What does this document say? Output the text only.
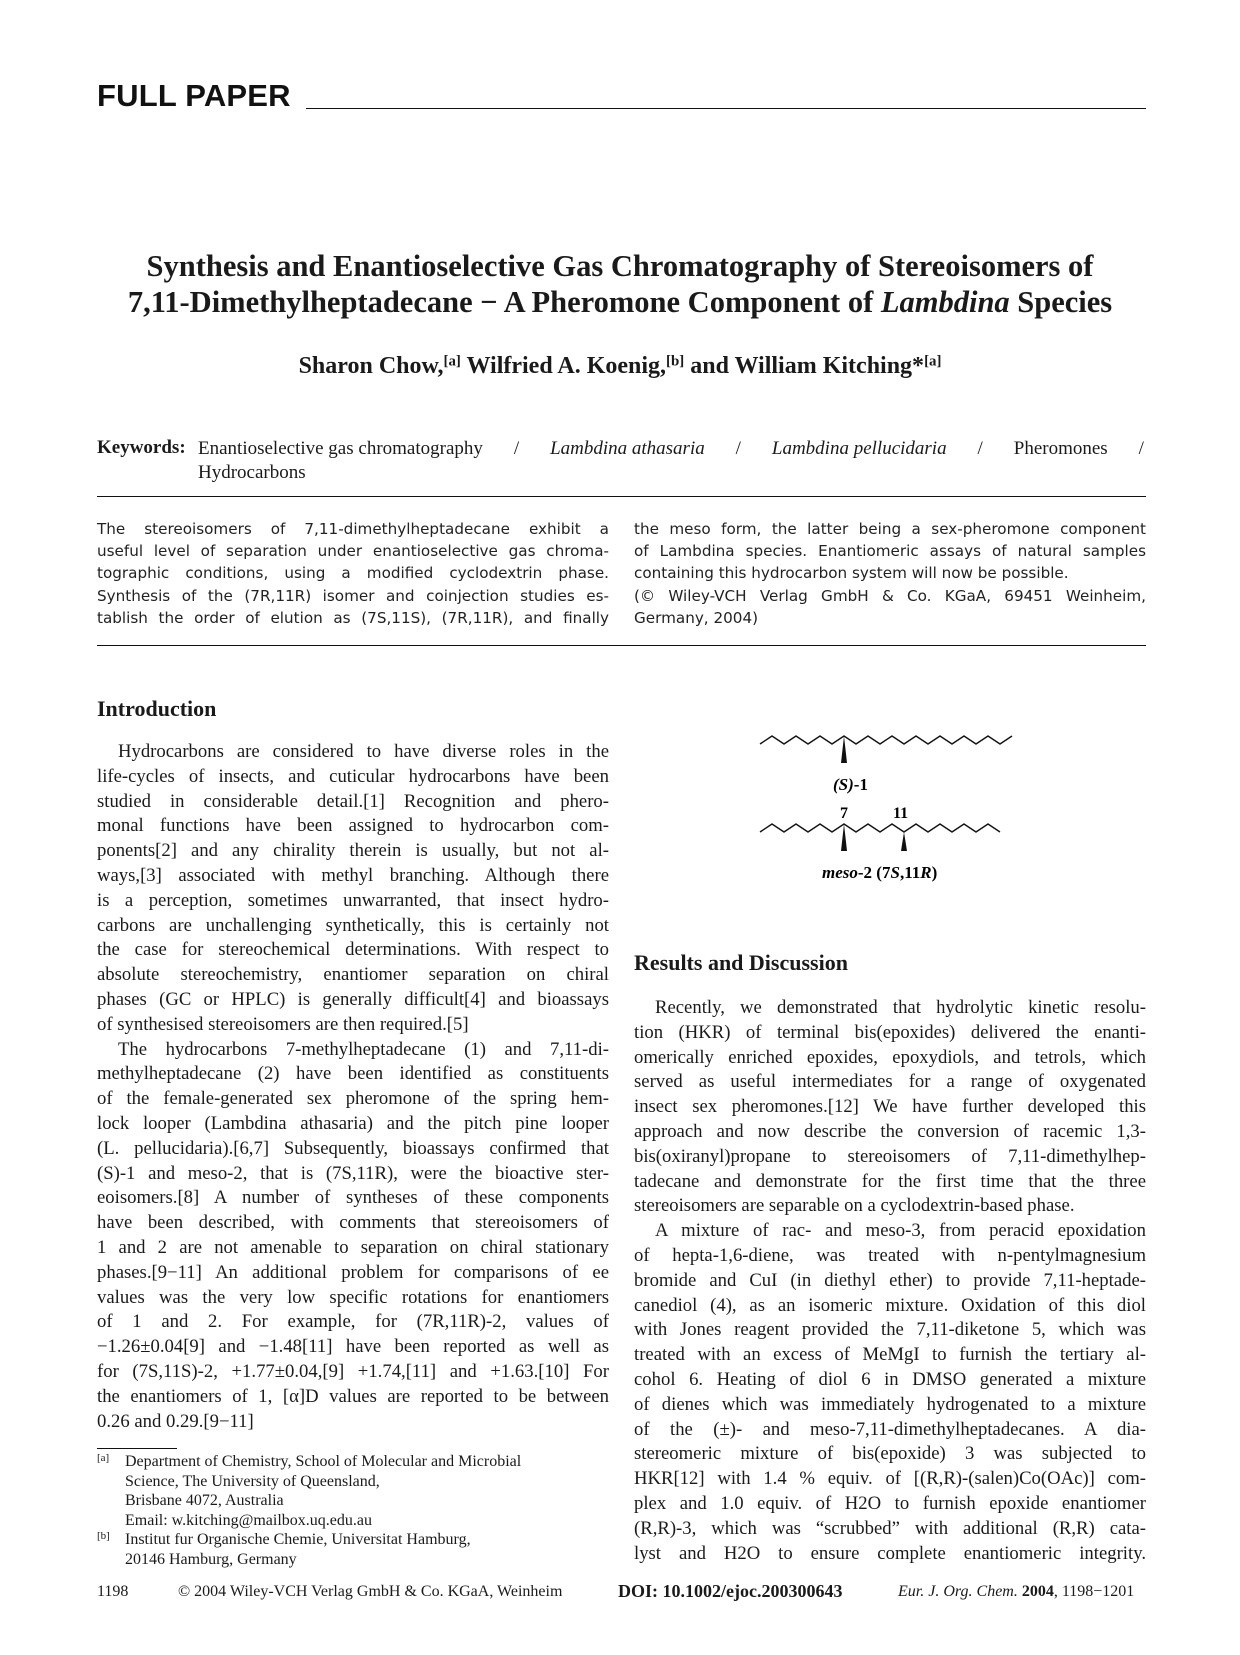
FULL PAPER
Synthesis and Enantioselective Gas Chromatography of Stereoisomers of
7,11-Dimethylheptadecane − A Pheromone Component of Lambdina Species
Sharon Chow,[a] Wilfried A. Koenig,[b] and William Kitching*[a]
Keywords: Enantioselective gas chromatography / Lambdina athasaria / Lambdina pellucidaria / Pheromones /
Hydrocarbons
The stereoisomers of 7,11-dimethylheptadecane exhibit a
useful level of separation under enantioselective gas chroma-
tographic conditions, using a modified cyclodextrin phase.
Synthesis of the (7R,11R) isomer and coinjection studies es-
tablish the order of elution as (7S,11S), (7R,11R), and finally
the meso form, the latter being a sex-pheromone component
of Lambdina species. Enantiomeric assays of natural samples
containing this hydrocarbon system will now be possible.
(© Wiley-VCH Verlag GmbH & Co. KGaA, 69451 Weinheim,
Germany, 2004)
Introduction
Hydrocarbons are considered to have diverse roles in the
life-cycles of insects, and cuticular hydrocarbons have been
studied in considerable detail.[1] Recognition and phero-
monal functions have been assigned to hydrocarbon com-
ponents[2] and any chirality therein is usually, but not al-
ways,[3] associated with methyl branching. Although there
is a perception, sometimes unwarranted, that insect hydro-
carbons are unchallenging synthetically, this is certainly not
the case for stereochemical determinations. With respect to
absolute stereochemistry, enantiomer separation on chiral
phases (GC or HPLC) is generally difficult[4] and bioassays
of synthesised stereoisomers are then required.[5]
The hydrocarbons 7-methylheptadecane (1) and 7,11-di-
methylheptadecane (2) have been identified as constituents
of the female-generated sex pheromone of the spring hem-
lock looper (Lambdina athasaria) and the pitch pine looper
(L. pellucidaria).[6,7] Subsequently, bioassays confirmed that
(S)-1 and meso-2, that is (7S,11R), were the bioactive ster-
eoisomers.[8] A number of syntheses of these components
have been described, with comments that stereoisomers of
1 and 2 are not amenable to separation on chiral stationary
phases.[9−11] An additional problem for comparisons of ee
values was the very low specific rotations for enantiomers
of 1 and 2. For example, for (7R,11R)-2, values of
−1.26±0.04[9] and −1.48[11] have been reported as well as
for (7S,11S)-2, +1.77±0.04,[9] +1.74,[11] and +1.63.[10] For
the enantiomers of 1, [α]D values are reported to be between
0.26 and 0.29.[9−11]
(S)-1
7	11
meso-2 (7S,11R)
Results and Discussion
Recently, we demonstrated that hydrolytic kinetic resolu-
tion (HKR) of terminal bis(epoxides) delivered the enanti-
omerically enriched epoxides, epoxydiols, and tetrols, which
served as useful intermediates for a range of oxygenated
insect sex pheromones.[12] We have further developed this
approach and now describe the conversion of racemic 1,3-
bis(oxiranyl)propane to stereoisomers of 7,11-dimethylhep-
tadecane and demonstrate for the first time that the three
stereoisomers are separable on a cyclodextrin-based phase.
A mixture of rac- and meso-3, from peracid epoxidation
of hepta-1,6-diene, was treated with n-pentylmagnesium
bromide and CuI (in diethyl ether) to provide 7,11-heptade-
canediol (4), as an isomeric mixture. Oxidation of this diol
with Jones reagent provided the 7,11-diketone 5, which was
treated with an excess of MeMgI to furnish the tertiary al-
cohol 6. Heating of diol 6 in DMSO generated a mixture
of dienes which was immediately hydrogenated to a mixture
of the (±)- and meso-7,11-dimethylheptadecanes. A dia-
stereomeric mixture of bis(epoxide) 3 was subjected to
HKR[12] with 1.4 % equiv. of [(R,R)-(salen)Co(OAc)] com-
plex and 1.0 equiv. of H2O to furnish epoxide enantiomer
(R,R)-3, which was “scrubbed” with additional (R,R) cata-
lyst and H2O to ensure complete enantiomeric integrity.
[a] Department of Chemistry, School of Molecular and Microbial
Science, The University of Queensland,
Brisbane 4072, Australia
Email: w.kitching@mailbox.uq.edu.au
[b] Institut fur Organische Chemie, Universitat Hamburg,
20146 Hamburg, Germany
1198	© 2004 Wiley-VCH Verlag GmbH & Co. KGaA, Weinheim	DOI: 10.1002/ejoc.200300643	Eur. J. Org. Chem. 2004, 1198−1201
